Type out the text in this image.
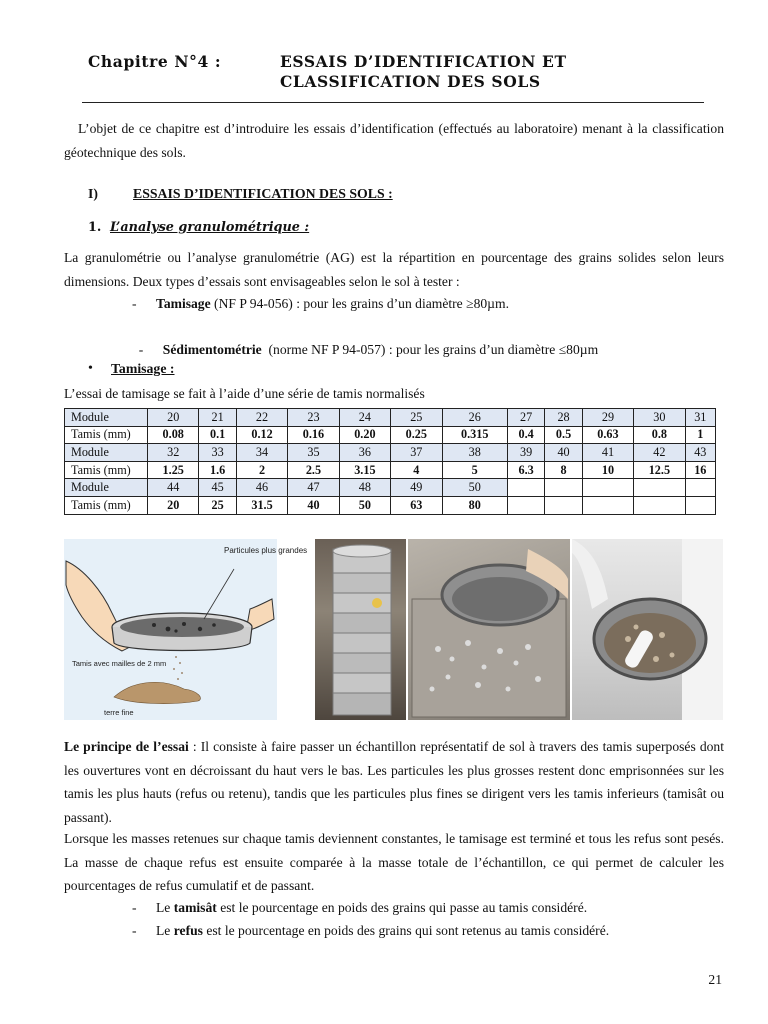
Chapitre N°4 :	ESSAIS D’IDENTIFICATION ET
CLASSIFICATION DES SOLS
L’objet de ce chapitre est d’introduire les essais d’identification (effectués au laboratoire) menant à la classification géotechnique des sols.
I)	ESSAIS D’IDENTIFICATION DES SOLS :
1. L’analyse granulométrique :
La granulométrie ou l’analyse granulométrie (AG) est la répartition en pourcentage des grains solides selon leurs dimensions. Deux types d’essais sont envisageables selon le sol à tester :
- Tamisage (NF P 94-056) : pour les grains d’un diamètre ≥80µm.

- Sédimentométrie  (norme NF P 94-057) : pour les grains d’un diamètre ≤80µm

• Tamisage :
L’essai de tamisage se fait à l’aide d’une série de tamis normalisés
Module	20	21	22	23	24	25	26	27	28	29	30	31
Tamis (mm)	0.08	0.1	0.12	0.16	0.20	0.25	0.315	0.4	0.5	0.63	0.8	1
Module	32	33	34	35	36	37	38	39	40	41	42	43
Tamis (mm)	1.25	1.6	2	2.5	3.15	4	5	6.3	8	10	12.5	16
Module	44	45	46	47	48	49	50					
Tamis (mm)	20	25	31.5	40	50	63	80					
Particules plus grandes
Tamis avec mailles de 2 mm
terre fine
Le principe de l’essai : Il consiste à faire passer un échantillon représentatif de sol à travers des tamis superposés dont les ouvertures vont en décroissant du haut vers le bas. Les particules les plus grosses restent donc emprisonnées sur les tamis les plus hauts (refus ou retenu), tandis que les particules plus fines se dirigent vers les tamis inferieurs (tamisât ou passant).
Lorsque les masses retenues sur chaque tamis deviennent constantes, le tamisage est terminé et tous les refus sont pesés. La masse de chaque refus est ensuite comparée à la masse totale de l’échantillon, ce qui permet de calculer les pourcentages de refus cumulatif et de passant.
- Le tamisât est le pourcentage en poids des grains qui passe au tamis considéré.
- Le refus est le pourcentage en poids des grains qui sont retenus au tamis considéré.
21
